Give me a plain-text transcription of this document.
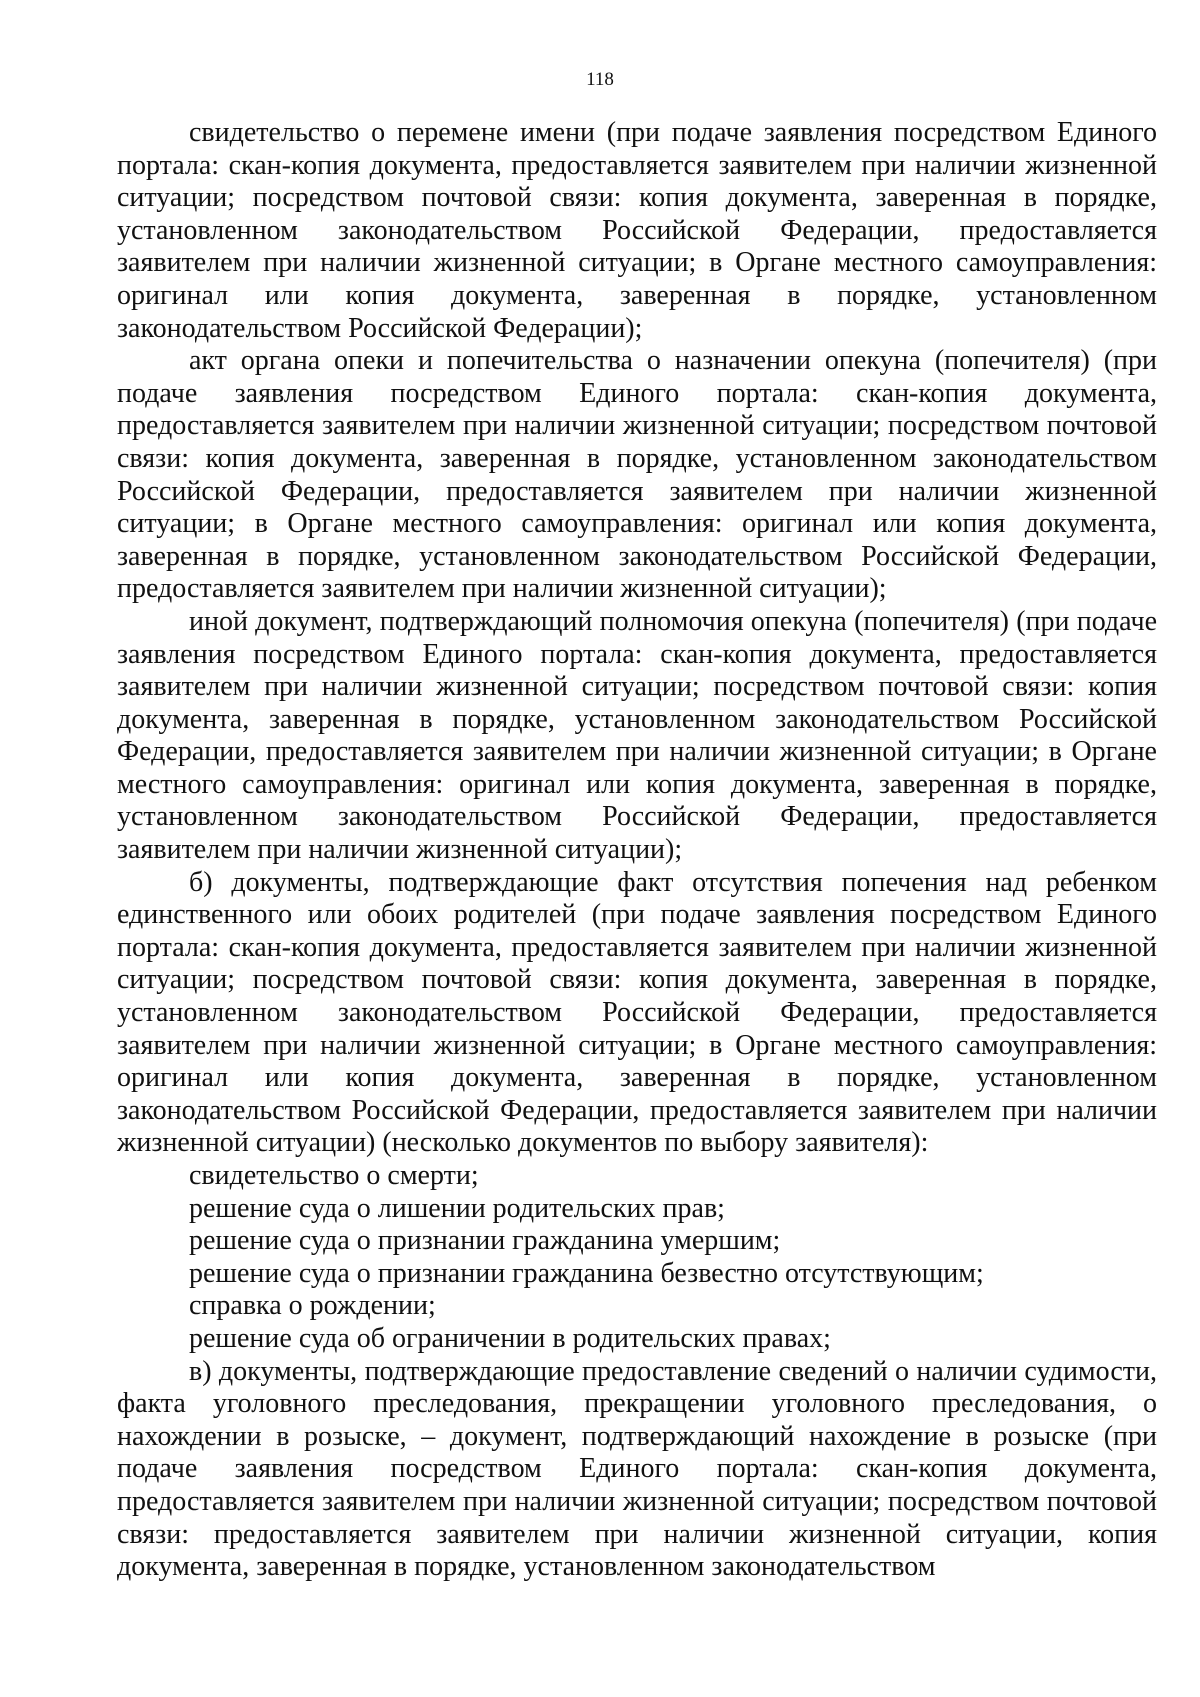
118

свидетельство о перемене имени (при подаче заявления посредством Единого портала: скан-копия документа, предоставляется заявителем при наличии жизненной ситуации; посредством почтовой связи: копия документа, заверенная в порядке, установленном законодательством Российской Федерации, предоставляется заявителем при наличии жизненной ситуации; в Органе местного самоуправления: оригинал или копия документа, заверенная в порядке, установленном законодательством Российской Федерации);

акт органа опеки и попечительства о назначении опекуна (попечителя) (при подаче заявления посредством Единого портала: скан-копия документа, предоставляется заявителем при наличии жизненной ситуации; посредством почтовой связи: копия документа, заверенная в порядке, установленном законодательством Российской Федерации, предоставляется заявителем при наличии жизненной ситуации; в Органе местного самоуправления: оригинал или копия документа, заверенная в порядке, установленном законодательством Российской Федерации, предоставляется заявителем при наличии жизненной ситуации);

иной документ, подтверждающий полномочия опекуна (попечителя) (при подаче заявления посредством Единого портала: скан-копия документа, предоставляется заявителем при наличии жизненной ситуации; посредством почтовой связи: копия документа, заверенная в порядке, установленном законодательством Российской Федерации, предоставляется заявителем при наличии жизненной ситуации; в Органе местного самоуправления: оригинал или копия документа, заверенная в порядке, установленном законодательством Российской Федерации, предоставляется заявителем при наличии жизненной ситуации);

б) документы, подтверждающие факт отсутствия попечения над ребенком единственного или обоих родителей (при подаче заявления посредством Единого портала: скан-копия документа, предоставляется заявителем при наличии жизненной ситуации; посредством почтовой связи: копия документа, заверенная в порядке, установленном законодательством Российской Федерации, предоставляется заявителем при наличии жизненной ситуации; в Органе местного самоуправления: оригинал или копия документа, заверенная в порядке, установленном законодательством Российской Федерации, предоставляется заявителем при наличии жизненной ситуации) (несколько документов по выбору заявителя):

свидетельство о смерти;

решение суда о лишении родительских прав;

решение суда о признании гражданина умершим;

решение суда о признании гражданина безвестно отсутствующим;

справка о рождении;

решение суда об ограничении в родительских правах;

в) документы, подтверждающие предоставление сведений о наличии судимости, факта уголовного преследования, прекращении уголовного преследования, о нахождении в розыске, – документ, подтверждающий нахождение в розыске (при подаче заявления посредством Единого портала: скан-копия документа, предоставляется заявителем при наличии жизненной ситуации; посредством почтовой связи: предоставляется заявителем при наличии жизненной ситуации, копия документа, заверенная в порядке, установленном законодательством
